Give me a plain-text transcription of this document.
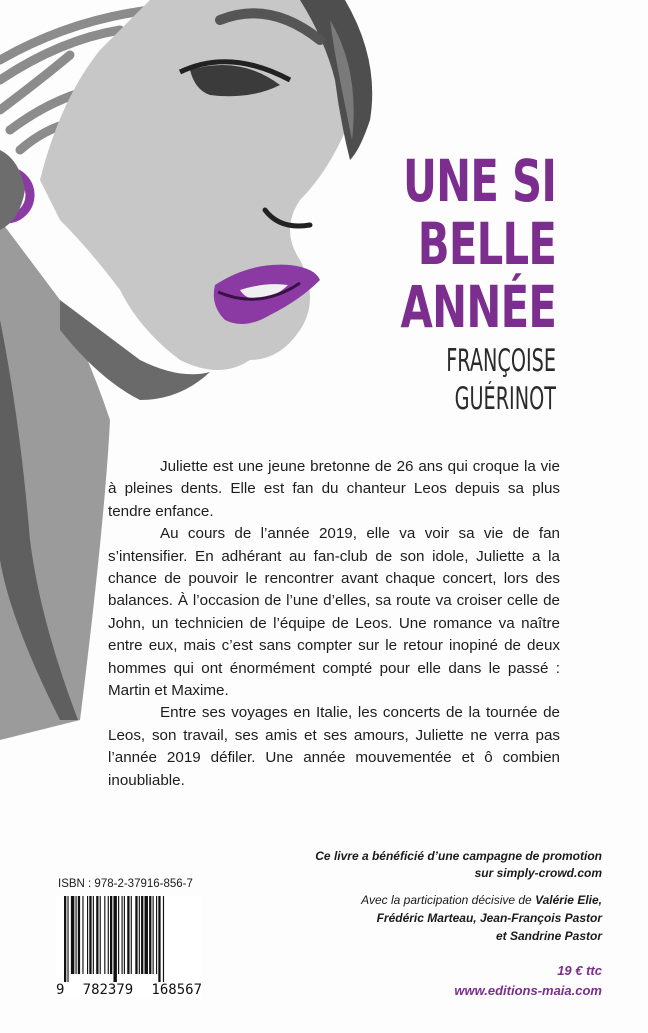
UNE SI
BELLE
ANNÉE
FRANÇOISE
GUÉRINOT

Juliette est une jeune bretonne de 26 ans qui croque la vie à pleines dents. Elle est fan du chanteur Leos depuis sa plus tendre enfance.

Au cours de l’année 2019, elle va voir sa vie de fan s’intensifier. En adhérant au fan-club de son idole, Juliette a la chance de pouvoir le rencontrer avant chaque concert, lors des balances. À l’occasion de l’une d’elles, sa route va croiser celle de John, un technicien de l’équipe de Leos. Une romance va naître entre eux, mais c’est sans compter sur le retour inopiné de deux hommes qui ont énormément compté pour elle dans le passé : Martin et Maxime.

Entre ses voyages en Italie, les concerts de la tournée de Leos, son travail, ses amis et ses amours, Juliette ne verra pas l’année 2019 défiler. Une année mouvementée et ô combien inoubliable.

Ce livre a bénéficié d’une campagne de promotion
sur simply-crowd.com
Avec la participation décisive de Valérie Elie,
Frédéric Marteau, Jean-François Pastor
et Sandrine Pastor
19 € ttc
www.editions-maia.com
ISBN : 978-2-37916-856-7
9 782379 168567
